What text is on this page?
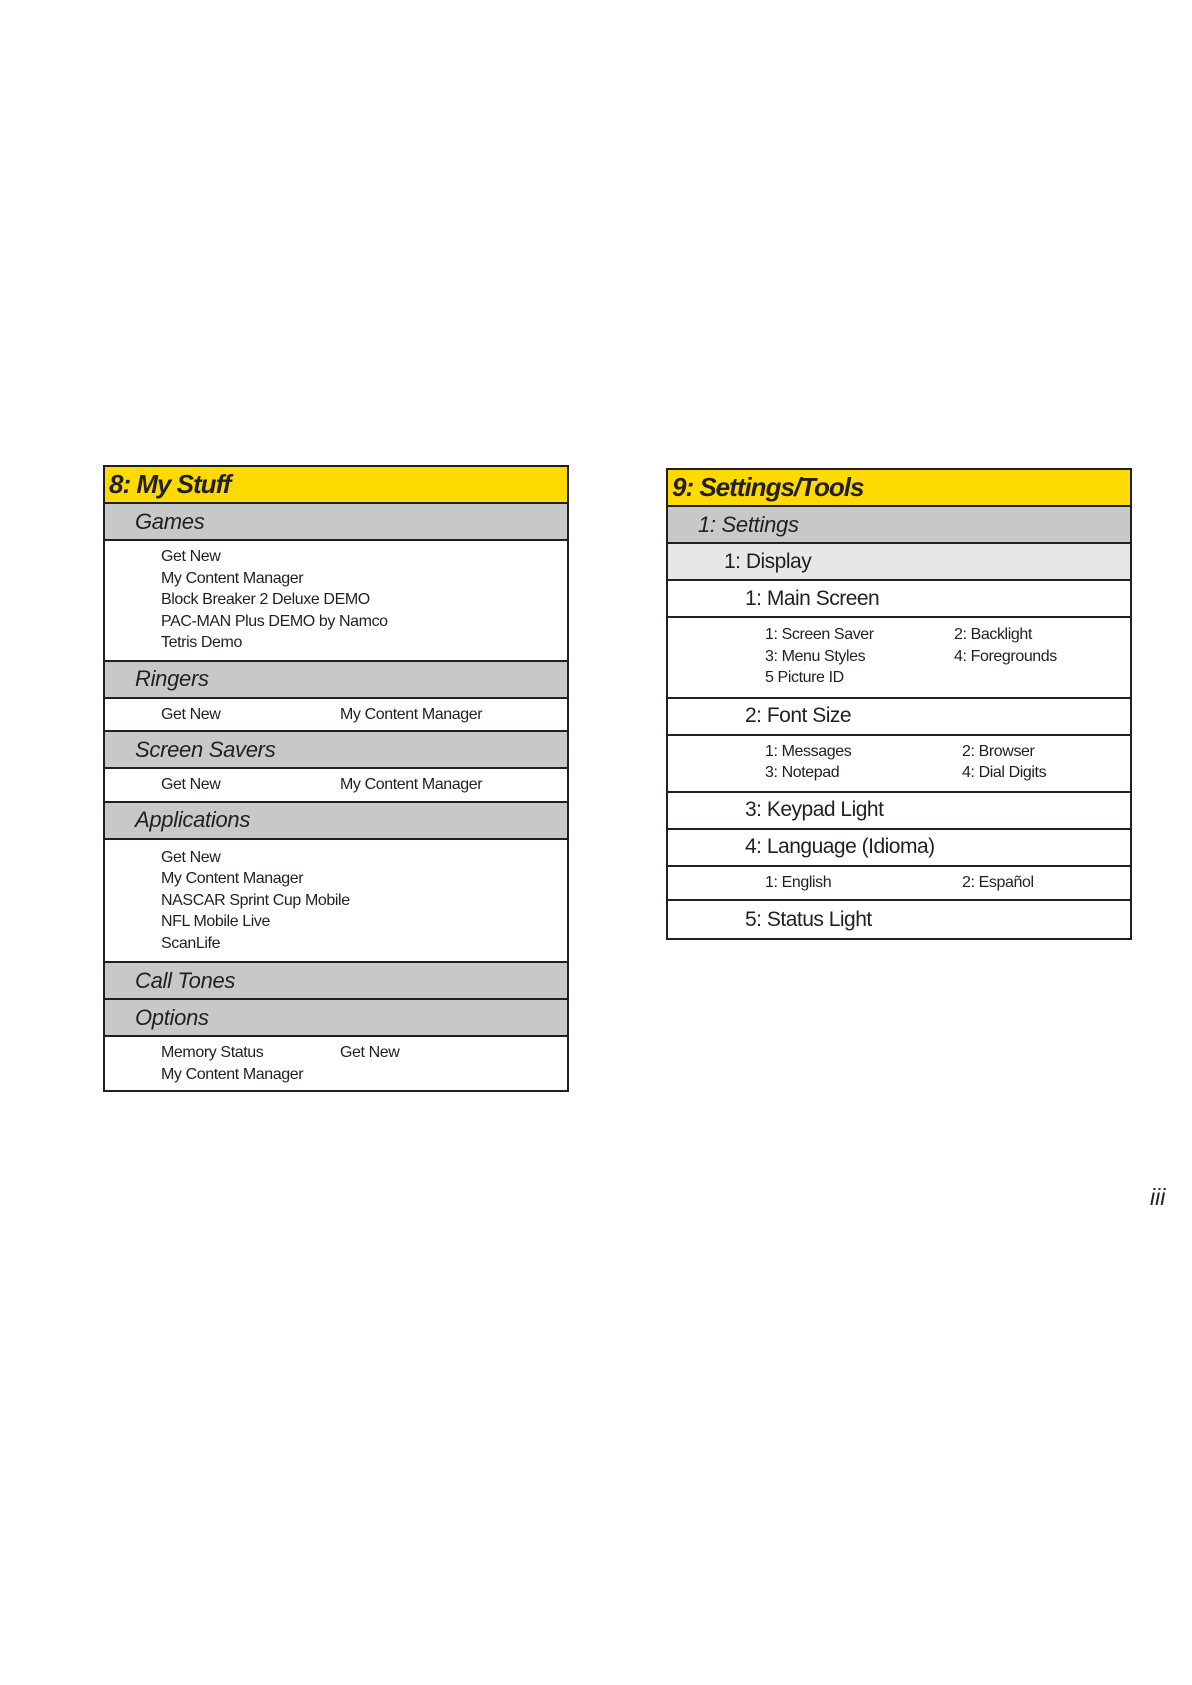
8: My Stuff
Games
Get New
My Content Manager
Block Breaker 2 Deluxe DEMO
PAC-MAN Plus DEMO by Namco
Tetris Demo
Ringers
Get New	My Content Manager
Screen Savers
Get New	My Content Manager
Applications
Get New
My Content Manager
NASCAR Sprint Cup Mobile
NFL Mobile Live
ScanLife
Call Tones
Options
Memory Status	Get New
My Content Manager
9: Settings/Tools
1: Settings
1: Display
1: Main Screen
1: Screen Saver	2: Backlight
3: Menu Styles	4: Foregrounds
5 Picture ID
2: Font Size
1: Messages	2: Browser
3: Notepad	4: Dial Digits
3: Keypad Light
4: Language (Idioma)
1: English	2: Español
5: Status Light
iii
